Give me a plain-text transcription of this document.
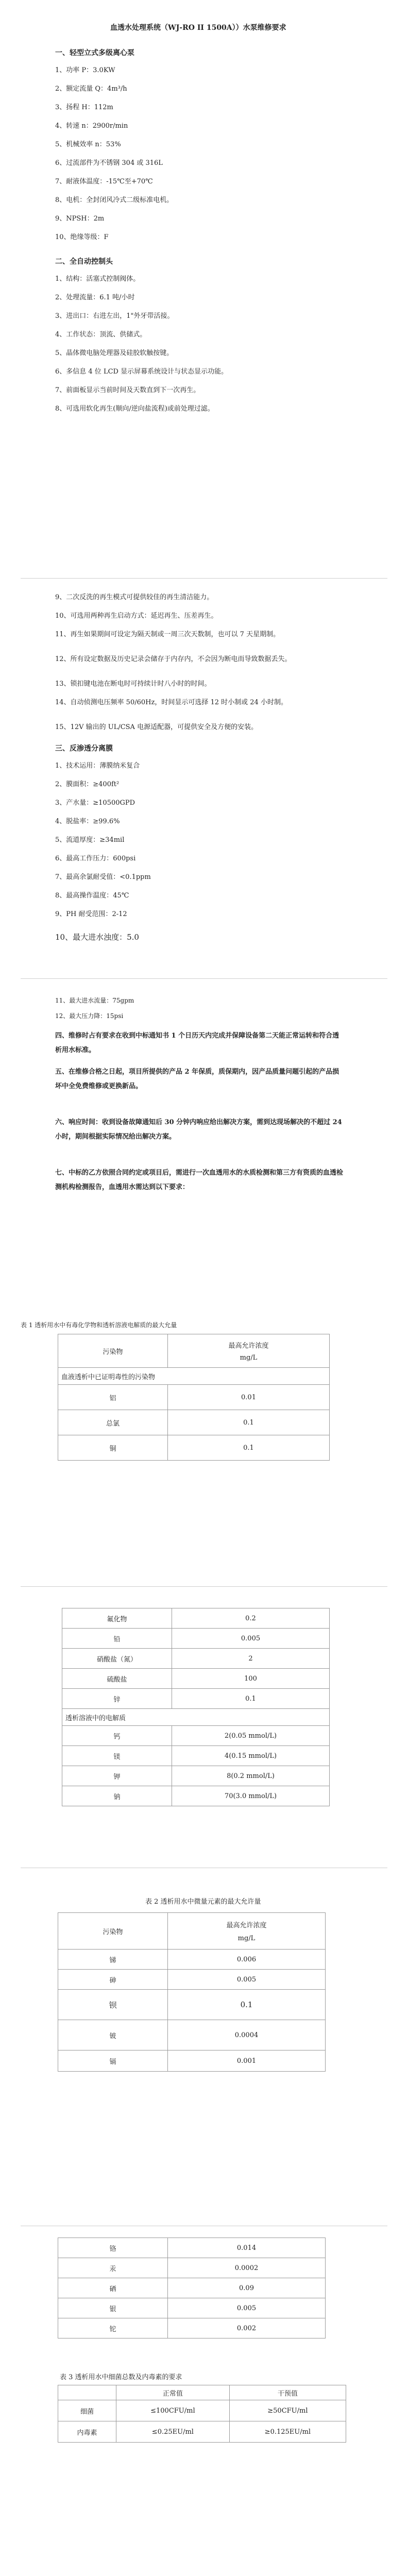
血透水处理系统（WJ-RO II 1500A））水泵维修要求
一、轻型立式多级离心泵
1、功率 P：3.0KW
2、额定流量 Q：4m³/h
3、扬程 H：112m
4、转速 n：2900r/min
5、机械效率 n：53%
6、过流部件为不锈钢 304 或 316L
7、耐液体温度：-15℃至+70℃
8、电机：全封闭风冷式二级标准电机。
9、NPSH：2m
10、绝缘等级：F
二、全自动控制头
1、结构：活塞式控制阀体。
2、处理流量：6.1 吨/小时
3、进出口：右进左出，1"外牙带活接。
4、工作状态：顶流、供储式。
5、晶体微电脑处理器及硅胶软触按键。
6、多信息 4 位 LCD 显示屏幕系统设计与状态显示功能。
7、前面板显示当前时间及天数直到下一次再生。
8、可选用软化再生(顺向/逆向盐流程)或前处理过滤。
9、二次反洗的再生模式可提供较佳的再生清洁能力。
10、可选用两种再生启动方式：延迟再生、压差再生。
11、再生如果期间可设定为隔天制或一周三次天数制，也可以 7 天星期制。
12、所有设定数据及历史记录会储存于内存内，不会因为断电而导致数据丢失。
13、锁扣键电池在断电时可持续计时八小时的时间。
14、自动侦测电压频率 50/60Hz，时间显示可选择 12 时小制或 24 小时制。
15、12V 输出的 UL/CSA 电源适配器，可提供安全及方便的安装。
三、反渗透分离膜
1、技术运用：薄膜纳米复合
2、膜面积：≥400ft²
3、产水量：≥10500GPD
4、脱盐率：≥99.6%
5、流道厚度：≥34mil
6、最高工作压力：600psi
7、最高余氯耐受值：<0.1ppm
8、最高操作温度：45℃
9、PH 耐受范围：2-12
10、最大进水浊度：5.0
11、最大进水流量：75gpm
12、最大压力降：15psi
四、维修时占有要求在收到中标通知书 1 个日历天内完成并保障设备第二天能正常运转和符合透析用水标准。
五、在维修合格之日起，项目所提供的产品 2 年保质，质保期内，因产品质量问题引起的产品损坏中全免费维修或更换新品。
六、响应时间：收到设备故障通知后 30 分钟内响应给出解决方案，需到达现场解决的不超过 24 小时，期间根据实际情况给出解决方案。
七、中标的乙方依照合同约定或项目后，需进行一次血透用水的水质检测和第三方有资质的血透检测机构检测报告，血透用水需达到以下要求：
表 1 透析用水中有毒化学物和透析溶液电解质的最大允量
污染物	最高允许浓度
mg/L

血液透析中已证明毒性的污染物	
铝	0.01
总氯	0.1
铜	0.1
氟化物	0.2
铅	0.005
硝酸盐（氮）	2
硫酸盐	100
锌	0.1
透析溶液中的电解质	
钙	2(0.05 mmol/L)
镁	4(0.15 mmol/L)
钾	8(0.2 mmol/L)
钠	70(3.0 mmol/L)
表 2 透析用水中微量元素的最大允许量
污染物	最高允许浓度
mg/L

锑	0.006
砷	0.005
钡	0.1
铍	0.0004
镉	0.001
铬	0.014
汞	0.0002
硒	0.09
银	0.005
铊	0.002
表 3 透析用水中细菌总数及内毒素的要求
	正常值	干预值
细菌	≤100CFU/ml	≥50CFU/ml
内毒素	≤0.25EU/ml	≥0.125EU/ml
